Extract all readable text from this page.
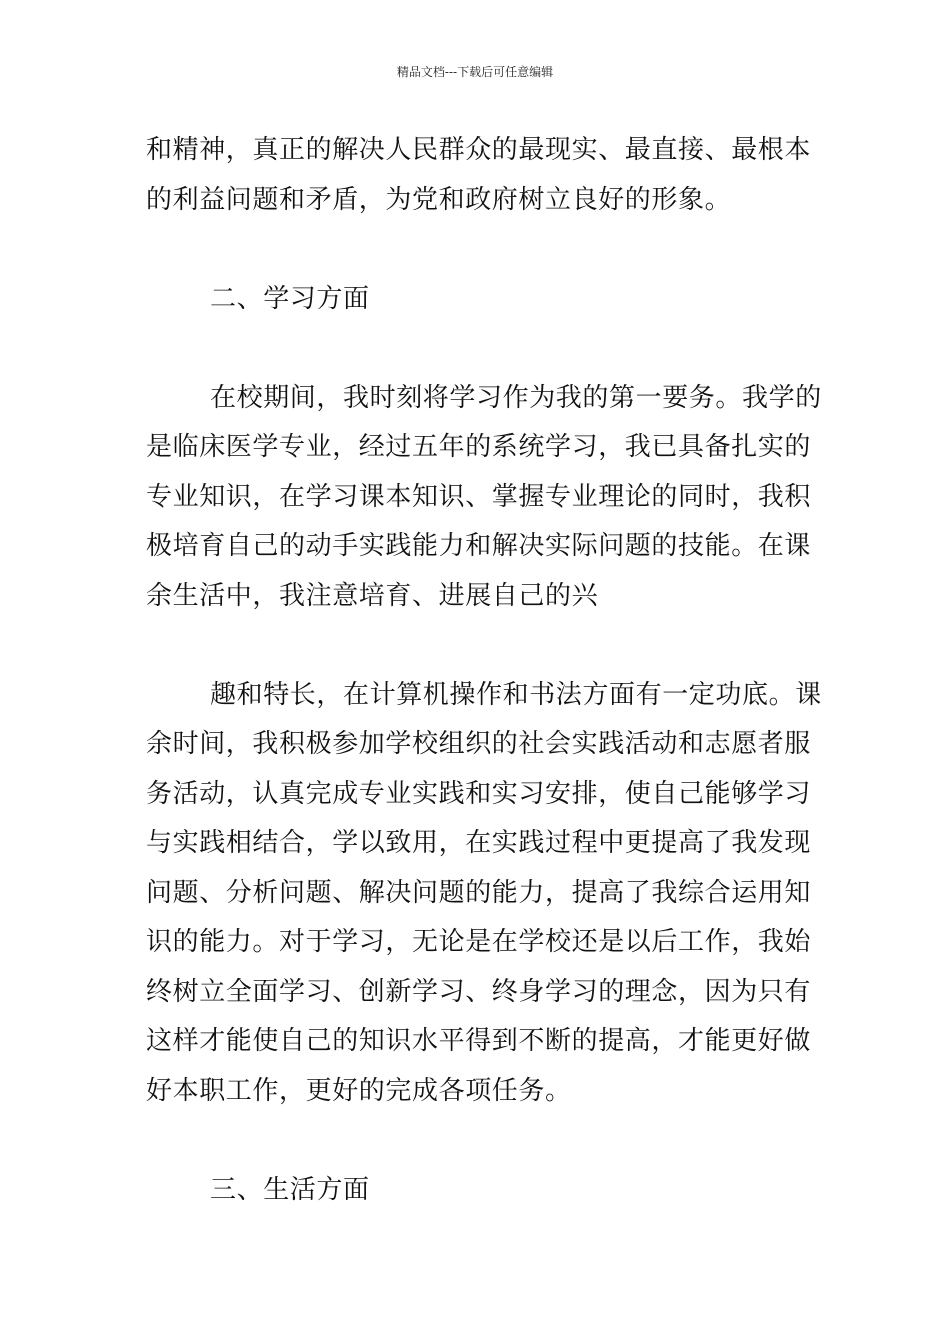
精品文档---下载后可任意编辑

和精神，真正的解决人民群众的最现实、最直接、最根本
的利益问题和矛盾，为党和政府树立良好的形象。

二、学习方面

在校期间，我时刻将学习作为我的第一要务。我学的
是临床医学专业，经过五年的系统学习，我已具备扎实的
专业知识，在学习课本知识、掌握专业理论的同时，我积
极培育自己的动手实践能力和解决实际问题的技能。在课
余生活中，我注意培育、进展自己的兴

趣和特长，在计算机操作和书法方面有一定功底。课
余时间，我积极参加学校组织的社会实践活动和志愿者服
务活动，认真完成专业实践和实习安排，使自己能够学习
与实践相结合，学以致用，在实践过程中更提高了我发现
问题、分析问题、解决问题的能力，提高了我综合运用知
识的能力。对于学习，无论是在学校还是以后工作，我始
终树立全面学习、创新学习、终身学习的理念，因为只有
这样才能使自己的知识水平得到不断的提高，才能更好做
好本职工作，更好的完成各项任务。

三、生活方面
